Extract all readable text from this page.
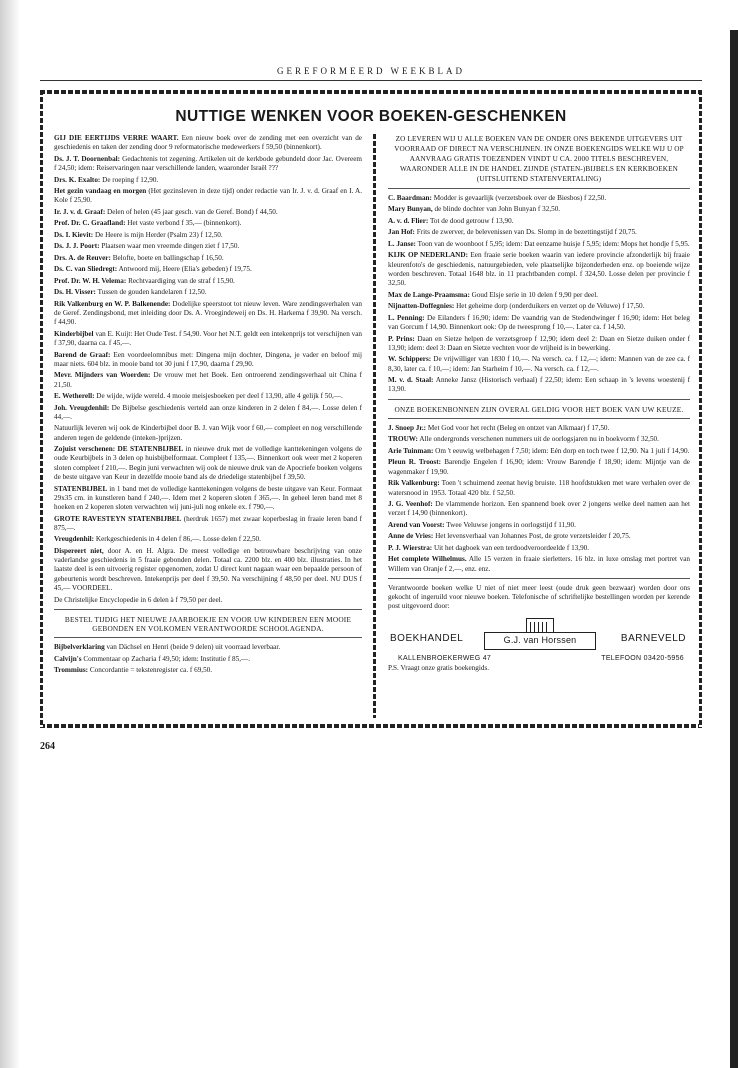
GEREFORMEERD WEEKBLAD
NUTTIGE WENKEN VOOR BOEKEN-GESCHENKEN

GIJ DIE EERTIJDS VERRE WAART. Een nieuw boek over de zending met een overzicht van de geschiedenis en taken der zending door 9 reformatorische medewerkers f 59,50 (binnenkort).

Ds. J. T. Doornenbal: Gedachtenis tot zegening. Artikelen uit de kerkbode gebundeld door Jac. Overeem f 24,50; idem: Reiservaringen naar verschillende landen, waaronder Israël ???

Drs. K. Exalto: De roeping f 12,90.

Het gezin vandaag en morgen (Het gezinsleven in deze tijd) onder redactie van Ir. J. v. d. Graaf en I. A. Kole f 25,90.

Ir. J. v. d. Graaf: Delen of helen (45 jaar gesch. van de Geref. Bond) f 44,50.

Prof. Dr. C. Graafland: Het vaste verbond f 35,— (binnenkort).

Ds. I. Kievit: De Heere is mijn Herder (Psalm 23) f 12,50.

Ds. J. J. Poort: Plaatsen waar men vreemde dingen ziet f 17,50.

Drs. A. de Reuver: Belofte, boete en ballingschap f 16,50.

Ds. C. van Sliedregt: Antwoord mij, Heere (Elia's gebeden) f 19,75.

Prof. Dr. W. H. Velema: Rechtvaardiging van de straf f 15,90.

Ds. H. Visser: Tussen de gouden kandelaren f 12,50.

Rik Valkenburg en W. P. Balkenende: Dodelijke speerstoot tot nieuw leven. Ware zendingsverhalen van de Geref. Zendingsbond, met inleiding door Ds. A. Vroegindeweij en Ds. H. Harkema f 39,90. Na versch. f 44,90.

Kinderbijbel van E. Kuijt: Het Oude Test. f 54,90. Voor het N.T. geldt een intekenprijs tot verschijnen van f 37,90, daarna ca. f 45,—.

Barend de Graaf: Een voordeelomnibus met: Dingena mijn dochter, Dingena, je vader en beloof mij maar niets. 604 blz. in mooie band tot 30 juni f 17,90, daarna f 29,90.

Mevr. Mijnders van Woerden: De vrouw met het Boek. Een ontroerend zendingsverhaal uit China f 21,50.

E. Wetherell: De wijde, wijde wereld. 4 mooie meisjesboeken per deel f 13,90, alle 4 gelijk f 50,—.

Joh. Vreugdenhil: De Bijbelse geschiedenis verteld aan onze kinderen in 2 delen f 84,—. Losse delen f 44,—.

Natuurlijk leveren wij ook de Kinderbijbel door B. J. van Wijk voor f 60,— compleet en nog verschillende anderen tegen de geldende (inteken-)prijzen.

Zojuist verschenen: DE STATENBIJBEL in nieuwe druk met de volledige kanttekeningen volgens de oude Keurbijbels in 3 delen op huisbijbelformaat. Compleet f 135,—. Binnenkort ook weer met 2 koperen sloten compleet f 210,—. Begin juni verwachten wij ook de nieuwe druk van de Apocriefe boeken volgens de beste uitgave van Keur in dezelfde mooie band als de driedelige statenbijbel f 39,50.

STATENBIJBEL in 1 band met de volledige kanttekeningen volgens de beste uitgave van Keur. Formaat 29x35 cm. in kunstleren band f 240,—. Idem met 2 koperen sloten f 365,—. In geheel leren band met 8 hoeken en 2 koperen sloten verwachten wij juni-juli nog enkele ex. f 790,—.

GROTE RAVESTEYN STATENBIJBEL (herdruk 1657) met zwaar koperbeslag in fraaie leren band f 875,—.

Vreugdenhil: Kerkgeschiedenis in 4 delen f 86,—. Losse delen f 22,50.

Dispereert niet, door A. en H. Algra. De meest volledige en betrouwbare beschrijving van onze vaderlandse geschiedenis in 5 fraaie gebonden delen. Totaal ca. 2200 blz. en 400 blz. illustraties. In het laatste deel is een uitvoerig register opgenomen, zodat U direct kunt nagaan waar een bepaalde persoon of gebeurtenis wordt beschreven. Intekenprijs per deel f 39,50. Na verschijning f 48,50 per deel. NU DUS f 45,— VOORDEEL.

De Christelijke Encyclopedie in 6 delen à f 79,50 per deel.

BESTEL TIJDIG HET NIEUWE JAARBOEKJE EN VOOR UW KINDEREN EEN MOOIE GEBONDEN EN VOLKOMEN VERANTWOORDE SCHOOLAGENDA.

Bijbelverklaring van Dächsel en Henri (beide 9 delen) uit voorraad leverbaar.

Calvijn's Commentaar op Zacharia f 49,50; idem: Institutie f 85,—.

Trommius: Concordantie = tekstenregister ca. f 69,50.

ZO LEVEREN WIJ U ALLE BOEKEN VAN DE ONDER ONS BEKENDE UITGEVERS UIT VOORRAAD OF DIRECT NA VERSCHIJNEN. IN ONZE BOEKENGIDS WELKE WIJ U OP AANVRAAG GRATIS TOEZENDEN VINDT U CA. 2000 TITELS BESCHREVEN, WAARONDER ALLE IN DE HANDEL ZIJNDE (STATEN-)BIJBELS EN KERKBOEKEN (UITSLUITEND STATENVERTALING)

C. Baardman: Modder is gevaarlijk (verzetsboek over de Biesbos) f 22,50.

Mary Bunyan, de blinde dochter van John Bunyan f 32,50.

A. v. d. Flier: Tot de dood getrouw f 13,90.

Jan Hof: Frits de zwerver, de belevenissen van Ds. Slomp in de bezettingstijd f 20,75.

L. Janse: Toon van de woonboot f 5,95; idem: Dat eenzame huisje f 5,95; idem: Mops het hondje f 5,95.

KIJK OP NEDERLAND: Een fraaie serie boeken waarin van iedere provincie afzonderlijk bij fraaie kleurenfoto's de geschiedenis, natuurgebieden, vele plaatselijke bijzonderheden enz. op boeiende wijze worden beschreven. Totaal 1648 blz. in 11 prachtbanden compl. f 324,50. Losse delen per provincie f 32,50.

Max de Lange-Praamsma: Goud Elsje serie in 10 delen f 9,90 per deel.

Nijnatten-Doffegnies: Het geheime dorp (onderduikers en verzet op de Veluwe) f 17,50.

L. Penning: De Eilanders f 16,90; idem: De vaandrig van de Stedendwinger f 16,90; idem: Het beleg van Gorcum f 14,90. Binnenkort ook: Op de tweesprong f 10,—. Later ca. f 14,50.

P. Prins: Daan en Sietze helpen de verzetsgroep f 12,90; idem deel 2: Daan en Sietze duiken onder f 13,90; idem: deel 3: Daan en Sietze vechten voor de vrijheid is in bewerking.

W. Schippers: De vrijwilliger van 1830 f 10,—. Na versch. ca. f 12,—; idem: Mannen van de zee ca. f 8,30, later ca. f 10,—; idem: Jan Starheim f 10,—. Na versch. ca. f 12,—.

M. v. d. Staal: Anneke Jansz (Historisch verhaal) f 22,50; idem: Een schaap in 's levens woestenij f 13,90.

ONZE BOEKENBONNEN ZIJN OVERAL GELDIG VOOR HET BOEK VAN UW KEUZE.

J. Snoep Jr.: Met God voor het recht (Beleg en ontzet van Alkmaar) f 17,50.

TROUW: Alle ondergronds verschenen nummers uit de oorlogsjaren nu in boekvorm f 32,50.

Arie Tuinman: Om 't eeuwig welbehagen f 7,50; idem: Eén dorp en toch twee f 12,90. Na 1 juli f 14,90.

Pleun R. Troost: Barendje Engelen f 16,90; idem: Vrouw Barendje f 18,90; idem: Mijntje van de wagenmaker f 19,90.

Rik Valkenburg: Toen 't schuimend zeenat hevig bruiste. 118 hoofdstukken met ware verhalen over de watersnood in 1953. Totaal 420 blz. f 52,50.

J. G. Veenhof: De vlammende horizon. Een spannend boek over 2 jongens welke deel namen aan het verzet f 14,90 (binnenkort).

Arend van Voorst: Twee Veluwse jongens in oorlogstijd f 11,90.

Anne de Vries: Het levensverhaal van Johannes Post, de grote verzetsleider f 20,75.

P. J. Wierstra: Uit het dagboek van een terdoodveroordeelde f 13,90.

Het complete Wilhelmus. Alle 15 verzen in fraaie sierletters. 16 blz. in luxe omslag met portret van Willem van Oranje f 2,—, enz. enz.

Verantwoorde boeken welke U niet of niet meer leest (oude druk geen bezwaar) worden door ons gekocht of ingeruild voor nieuwe boeken. Telefonische of schriftelijke bestellingen worden per kerende post uitgevoerd door:

BOEKHANDEL	G.J. van Horssen	BARNEVELD
KALLENBROEKERWEG 47	TELEFOON 03420-5956

P.S. Vraagt onze gratis boekengids.

264
